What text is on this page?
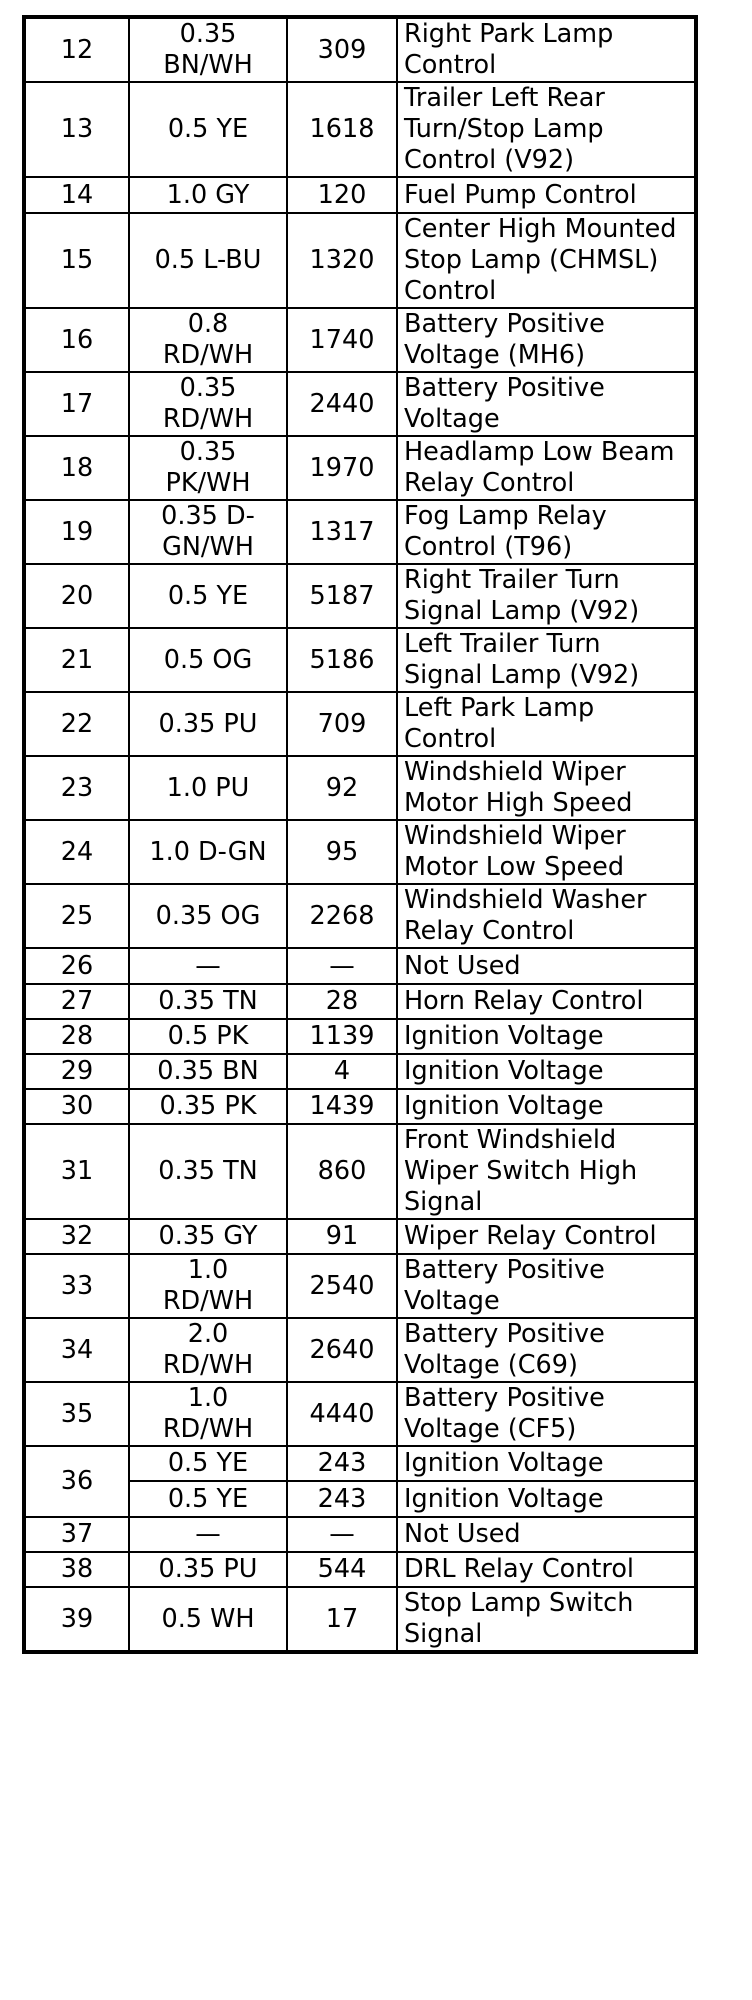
12	0.35
BN/WH	309	Right Park Lamp
Control
13	0.5 YE	1618	Trailer Left Rear
Turn/Stop Lamp
Control (V92)
14	1.0 GY	120	Fuel Pump Control
15	0.5 L-BU	1320	Center High Mounted
Stop Lamp (CHMSL)
Control
16	0.8
RD/WH	1740	Battery Positive
Voltage (MH6)
17	0.35
RD/WH	2440	Battery Positive
Voltage
18	0.35
PK/WH	1970	Headlamp Low Beam
Relay Control
19	0.35 D-
GN/WH	1317	Fog Lamp Relay
Control (T96)
20	0.5 YE	5187	Right Trailer Turn
Signal Lamp (V92)
21	0.5 OG	5186	Left Trailer Turn
Signal Lamp (V92)
22	0.35 PU	709	Left Park Lamp
Control
23	1.0 PU	92	Windshield Wiper
Motor High Speed
24	1.0 D-GN	95	Windshield Wiper
Motor Low Speed
25	0.35 OG	2268	Windshield Washer
Relay Control
26	—	—	Not Used
27	0.35 TN	28	Horn Relay Control
28	0.5 PK	1139	Ignition Voltage
29	0.35 BN	4	Ignition Voltage
30	0.35 PK	1439	Ignition Voltage
31	0.35 TN	860	Front Windshield
Wiper Switch High
Signal
32	0.35 GY	91	Wiper Relay Control
33	1.0
RD/WH	2540	Battery Positive
Voltage
34	2.0
RD/WH	2640	Battery Positive
Voltage (C69)
35	1.0
RD/WH	4440	Battery Positive
Voltage (CF5)
36	0.5 YE	243	Ignition Voltage
	0.5 YE	243	Ignition Voltage
37	—	—	Not Used
38	0.35 PU	544	DRL Relay Control
39	0.5 WH	17	Stop Lamp Switch
Signal
